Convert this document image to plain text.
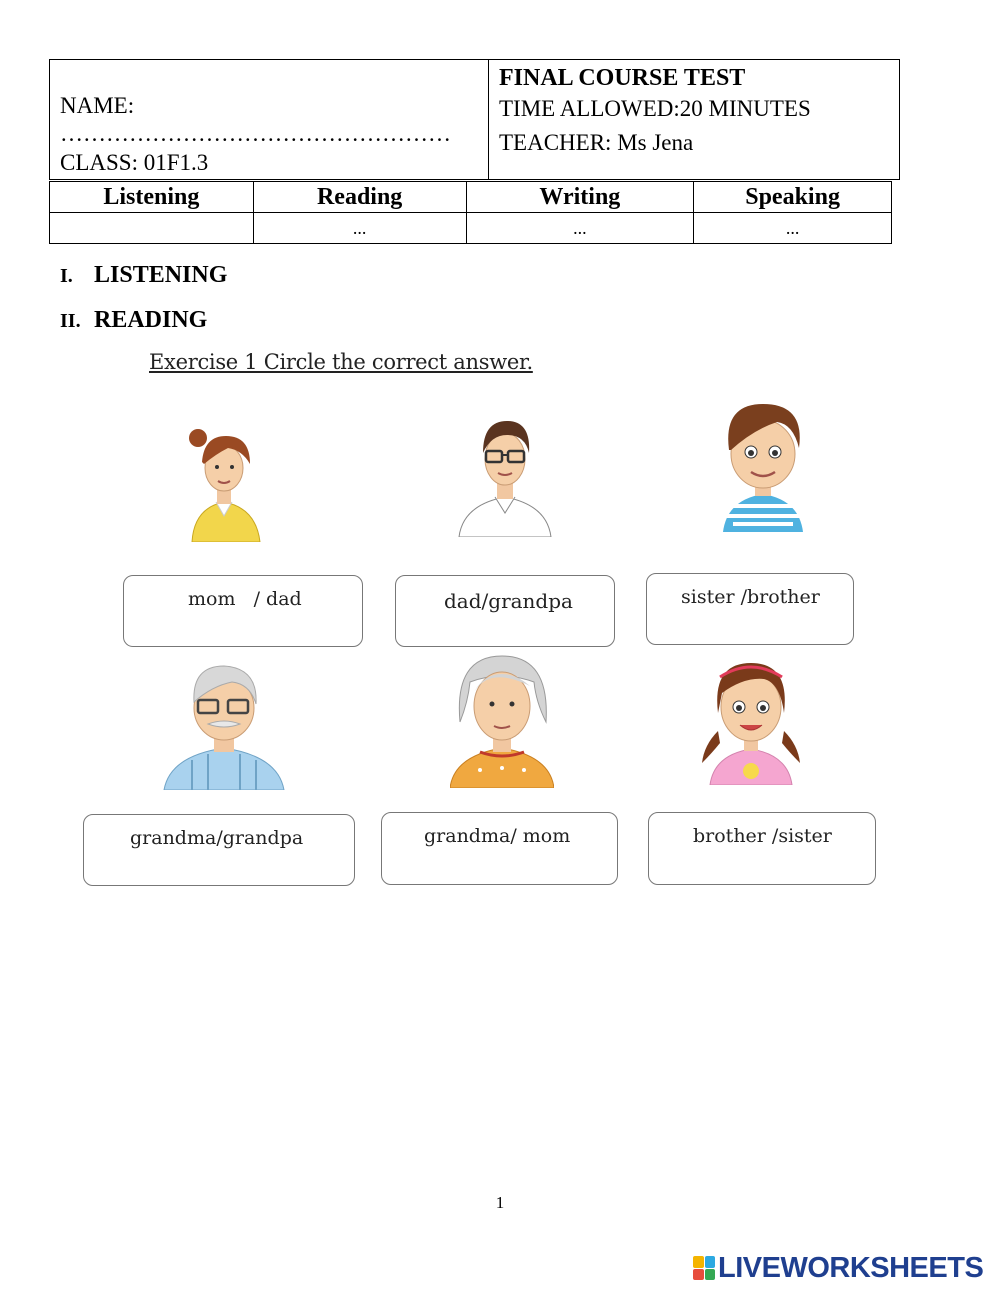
NAME: ……………………………………………
CLASS: 01F1.3
FINAL COURSE TEST
TIME ALLOWED:20 MINUTES
TEACHER: Ms Jena
Listening	Reading	Writing	Speaking
	...	...	...
I. LISTENING
II. READING
Exercise 1 Circle the correct answer.
mom   / dad	dad/grandpa	sister /brother
grandma/grandpa	grandma/ mom	brother /sister
1
LIVEWORKSHEETS
